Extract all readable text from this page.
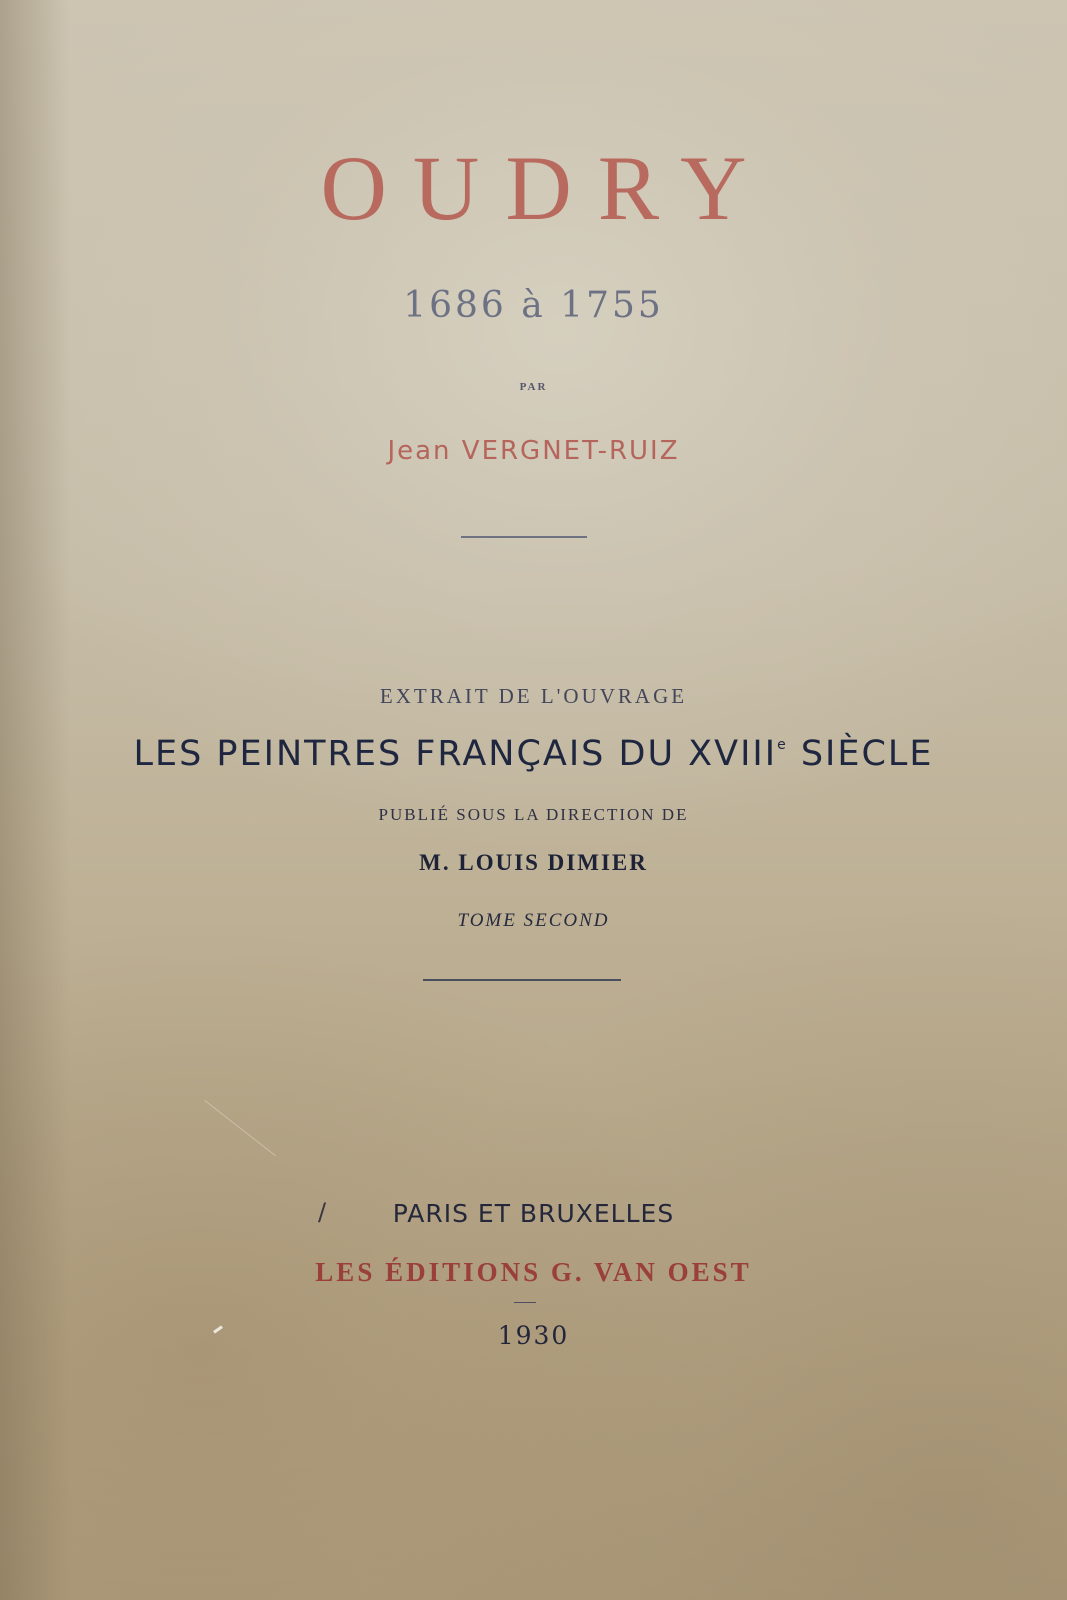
OUDRY
1686 à 1755
PAR
Jean VERGNET-RUIZ
EXTRAIT DE L'OUVRAGE
LES PEINTRES FRANÇAIS DU XVIIIe SIÈCLE
PUBLIÉ SOUS LA DIRECTION DE
M. LOUIS DIMIER
TOME SECOND
/	PARIS ET BRUXELLES
LES ÉDITIONS G. VAN OEST
1930
